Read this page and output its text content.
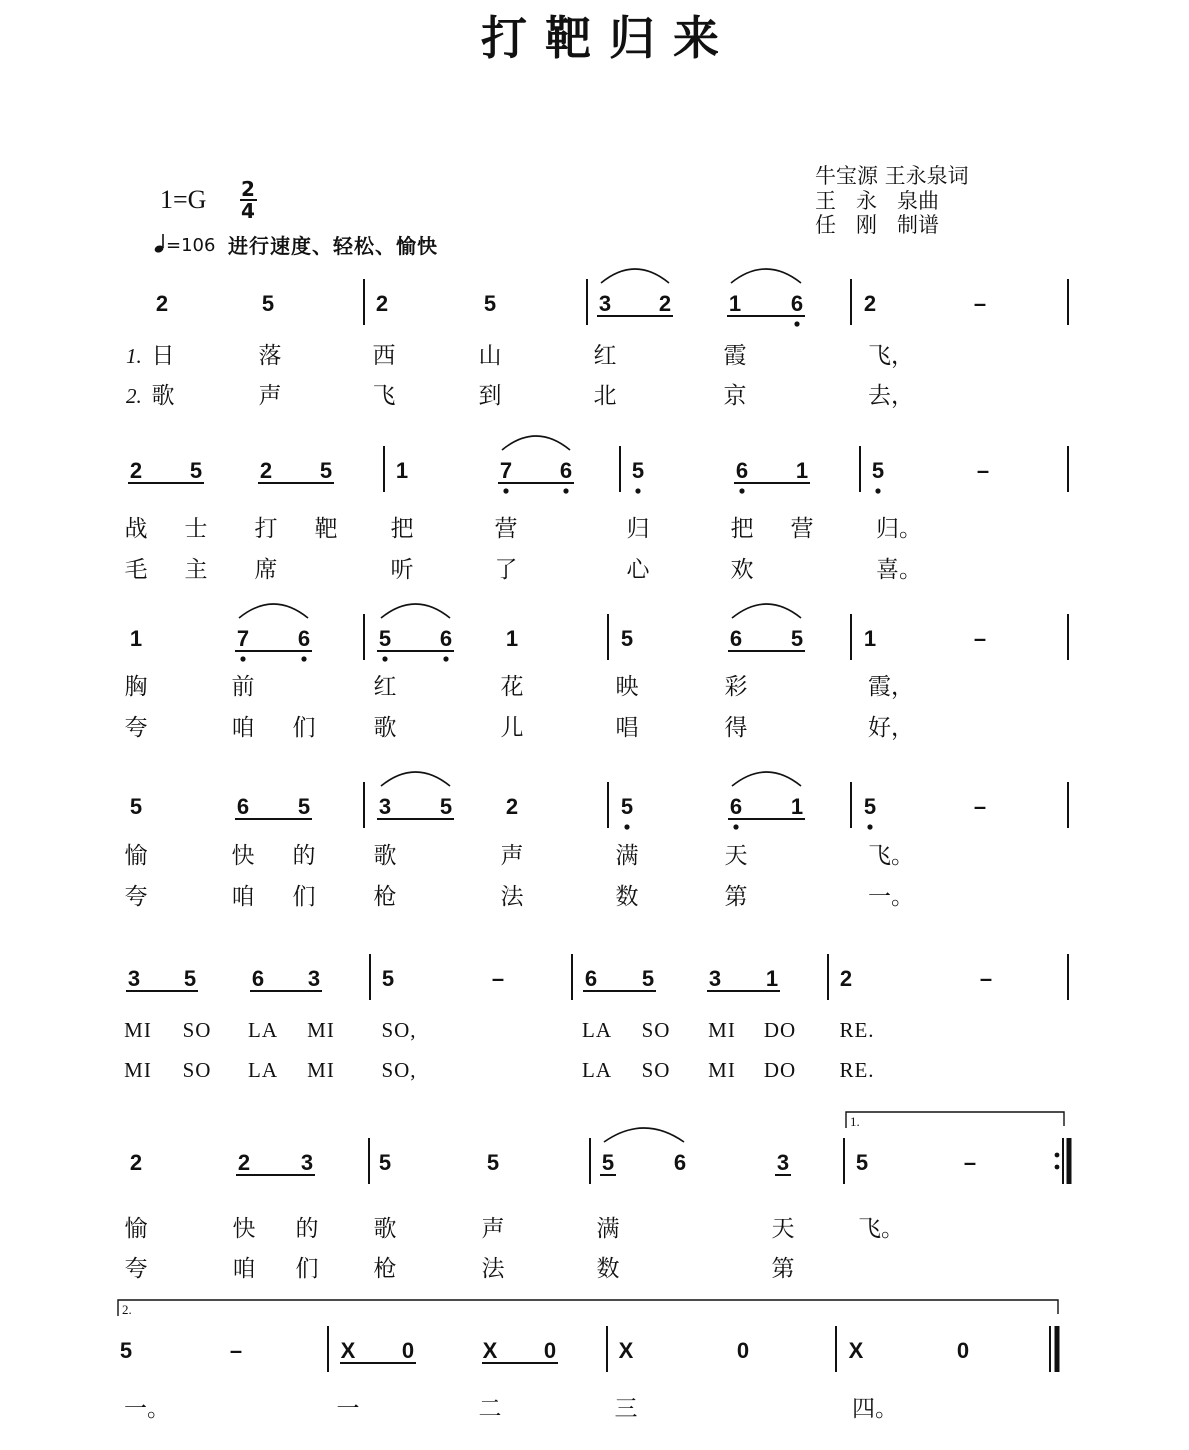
打靶归来
牛宝源 王永泉词
王   永   泉曲
任   刚   制谱
1=G 2
4
=106 进行速度、轻松、愉快
2	5	2	5	3 2	1 6	2	–
1. 日	落	西	山	红	霞	飞，
2. 歌	声	飞	到	北	京	去，
2 5	2 5	1	7 6	5	6 1	5	–
战 士 打 靶 把	营	归	把 营	归。
毛 主 席	听	了	心	欢	喜。
1	7 6	5 6 1	5	6 5	1	–
胸	前	红	花	映	彩	霞，
夸	咱 们	歌	儿	唱	得	好，
5	6 5	3 5 2	5	6 1	5	–
愉	快 的	歌	声	满	天	飞。
夸	咱 们	枪	法	数	第	一。
3 5	6 3	5	–	6 5 3 1	2	–
MI SO LA MI SO,	LA SO MI DO RE.
MI SO LA MI SO,	LA SO MI DO RE.
1.
2	2 3	5	5	5	6	3	5	–
愉	快 的 歌	声	满	天	飞。
夸	咱 们 枪	法	数	第
2.
5	–	X 0	X 0	X	0	X	0
一。	一	二	三	四。
